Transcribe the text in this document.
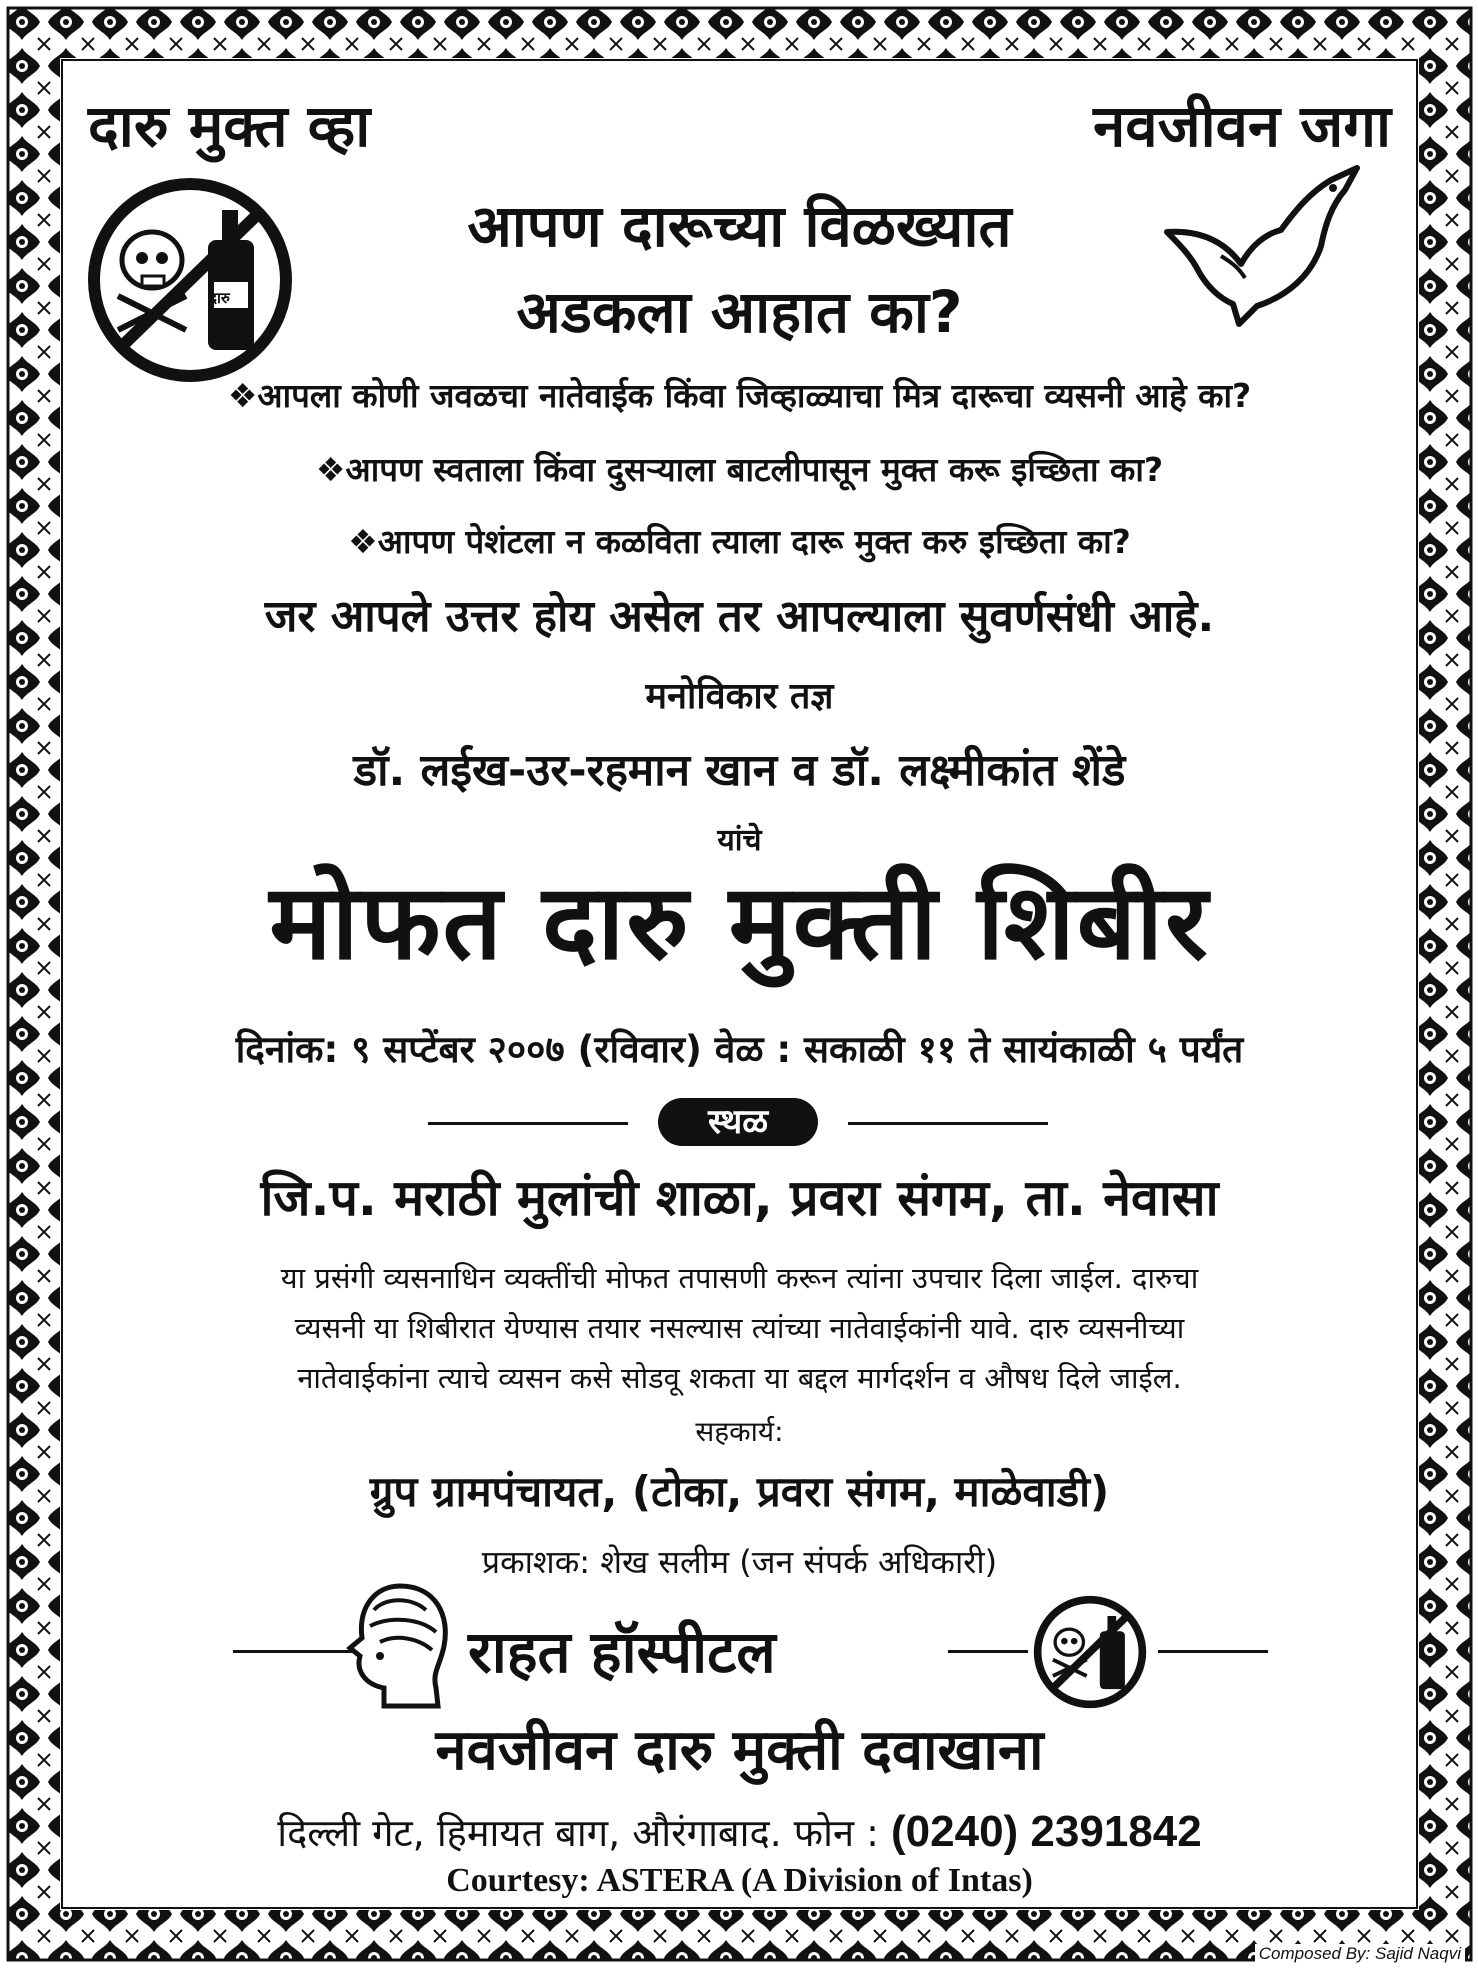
दारु मुक्त व्हा	नवजीवन जगा
दारु
आपण दारूच्या विळख्यात
अडकला आहात का?
❖आपला कोणी जवळचा नातेवाईक किंवा जिव्हाळ्याचा मित्र दारूचा व्यसनी आहे का?
❖आपण स्वताला किंवा दुसऱ्याला बाटलीपासून मुक्त करू इच्छिता का?
❖आपण पेशंटला न कळविता त्याला दारू मुक्त करु इच्छिता का?
जर आपले उत्तर होय असेल तर आपल्याला सुवर्णसंधी आहे.
मनोविकार तज्ञ
डॉ. लईख-उर-रहमान खान व डॉ. लक्ष्मीकांत शेंडे
यांचे
मोफत दारु मुक्ती शिबीर
दिनांक: ९ सप्टेंबर २००७ (रविवार) वेळ : सकाळी ११ ते सायंकाळी ५ पर्यंत
स्थळ
जि.प. मराठी मुलांची शाळा, प्रवरा संगम, ता. नेवासा
या प्रसंगी व्यसनाधिन व्यक्तींची मोफत तपासणी करून त्यांना उपचार दिला जाईल. दारुचा
व्यसनी या शिबीरात येण्यास तयार नसल्यास त्यांच्या नातेवाईकांनी यावे. दारु व्यसनीच्या
नातेवाईकांना त्याचे व्यसन कसे सोडवू शकता या बद्दल मार्गदर्शन व औषध दिले जाईल.
सहकार्य:
ग्रुप ग्रामपंचायत, (टोका, प्रवरा संगम, माळेवाडी)
प्रकाशक: शेख सलीम (जन संपर्क अधिकारी)
राहत हॉस्पीटल
नवजीवन दारु मुक्ती दवाखाना
दिल्ली गेट, हिमायत बाग, औरंगाबाद. फोन : (0240) 2391842
Courtesy: ASTERA (A Division of Intas)
Composed By: Sajid Naqvi
